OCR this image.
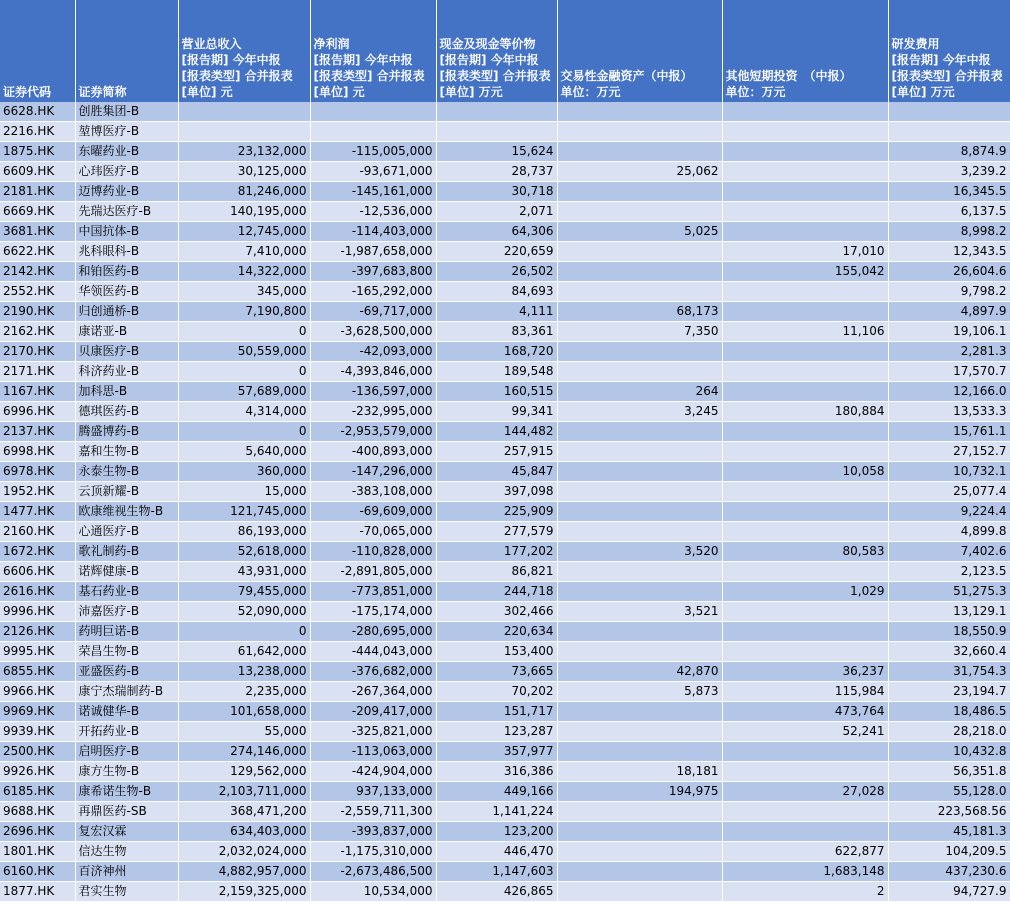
证券代码	证券简称	营业总收入
[报告期] 今年中报
[报表类型] 合并报表
[单位] 元	净利润
[报告期] 今年中报
[报表类型] 合并报表
[单位] 元	现金及现金等价物
[报告期] 今年中报
[报表类型] 合并报表
[单位] 万元	交易性金融资产（中报）
单位：万元	其他短期投资　（中报）
单位：万元	研发费用
[报告期] 今年中报
[报表类型] 合并报表
[单位] 万元
6628.HK	创胜集团-B						
2216.HK	堃博医疗-B						
1875.HK	东曜药业-B	23,132,000	-115,005,000	15,624			8,874.9
6609.HK	心玮医疗-B	30,125,000	-93,671,000	28,737	25,062		3,239.2
2181.HK	迈博药业-B	81,246,000	-145,161,000	30,718			16,345.5
6669.HK	先瑞达医疗-B	140,195,000	-12,536,000	2,071			6,137.5
3681.HK	中国抗体-B	12,745,000	-114,403,000	64,306	5,025		8,998.2
6622.HK	兆科眼科-B	7,410,000	-1,987,658,000	220,659		17,010	12,343.5
2142.HK	和铂医药-B	14,322,000	-397,683,800	26,502		155,042	26,604.6
2552.HK	华领医药-B	345,000	-165,292,000	84,693			9,798.2
2190.HK	归创通桥-B	7,190,800	-69,717,000	4,111	68,173		4,897.9
2162.HK	康诺亚-B	0	-3,628,500,000	83,361	7,350	11,106	19,106.1
2170.HK	贝康医疗-B	50,559,000	-42,093,000	168,720			2,281.3
2171.HK	科济药业-B	0	-4,393,846,000	189,548			17,570.7
1167.HK	加科思-B	57,689,000	-136,597,000	160,515	264		12,166.0
6996.HK	德琪医药-B	4,314,000	-232,995,000	99,341	3,245	180,884	13,533.3
2137.HK	腾盛博药-B	0	-2,953,579,000	144,482			15,761.1
6998.HK	嘉和生物-B	5,640,000	-400,893,000	257,915			27,152.7
6978.HK	永泰生物-B	360,000	-147,296,000	45,847		10,058	10,732.1
1952.HK	云顶新耀-B	15,000	-383,108,000	397,098			25,077.4
1477.HK	欧康维视生物-B	121,745,000	-69,609,000	225,909			9,224.4
2160.HK	心通医疗-B	86,193,000	-70,065,000	277,579			4,899.8
1672.HK	歌礼制药-B	52,618,000	-110,828,000	177,202	3,520	80,583	7,402.6
6606.HK	诺辉健康-B	43,931,000	-2,891,805,000	86,821			2,123.5
2616.HK	基石药业-B	79,455,000	-773,851,000	244,718		1,029	51,275.3
9996.HK	沛嘉医疗-B	52,090,000	-175,174,000	302,466	3,521		13,129.1
2126.HK	药明巨诺-B	0	-280,695,000	220,634			18,550.9
9995.HK	荣昌生物-B	61,642,000	-444,043,000	153,400			32,660.4
6855.HK	亚盛医药-B	13,238,000	-376,682,000	73,665	42,870	36,237	31,754.3
9966.HK	康宁杰瑞制药-B	2,235,000	-267,364,000	70,202	5,873	115,984	23,194.7
9969.HK	诺诚健华-B	101,658,000	-209,417,000	151,717		473,764	18,486.5
9939.HK	开拓药业-B	55,000	-325,821,000	123,287		52,241	28,218.0
2500.HK	启明医疗-B	274,146,000	-113,063,000	357,977			10,432.8
9926.HK	康方生物-B	129,562,000	-424,904,000	316,386	18,181		56,351.8
6185.HK	康希诺生物-B	2,103,711,000	937,133,000	449,166	194,975	27,028	55,128.0
9688.HK	再鼎医药-SB	368,471,200	-2,559,711,300	1,141,224			223,568.56
2696.HK	复宏汉霖	634,403,000	-393,837,000	123,200			45,181.3
1801.HK	信达生物	2,032,024,000	-1,175,310,000	446,470		622,877	104,209.5
6160.HK	百济神州	4,882,957,000	-2,673,486,500	1,147,603		1,683,148	437,230.6
1877.HK	君实生物	2,159,325,000	10,534,000	426,865		2	94,727.9
